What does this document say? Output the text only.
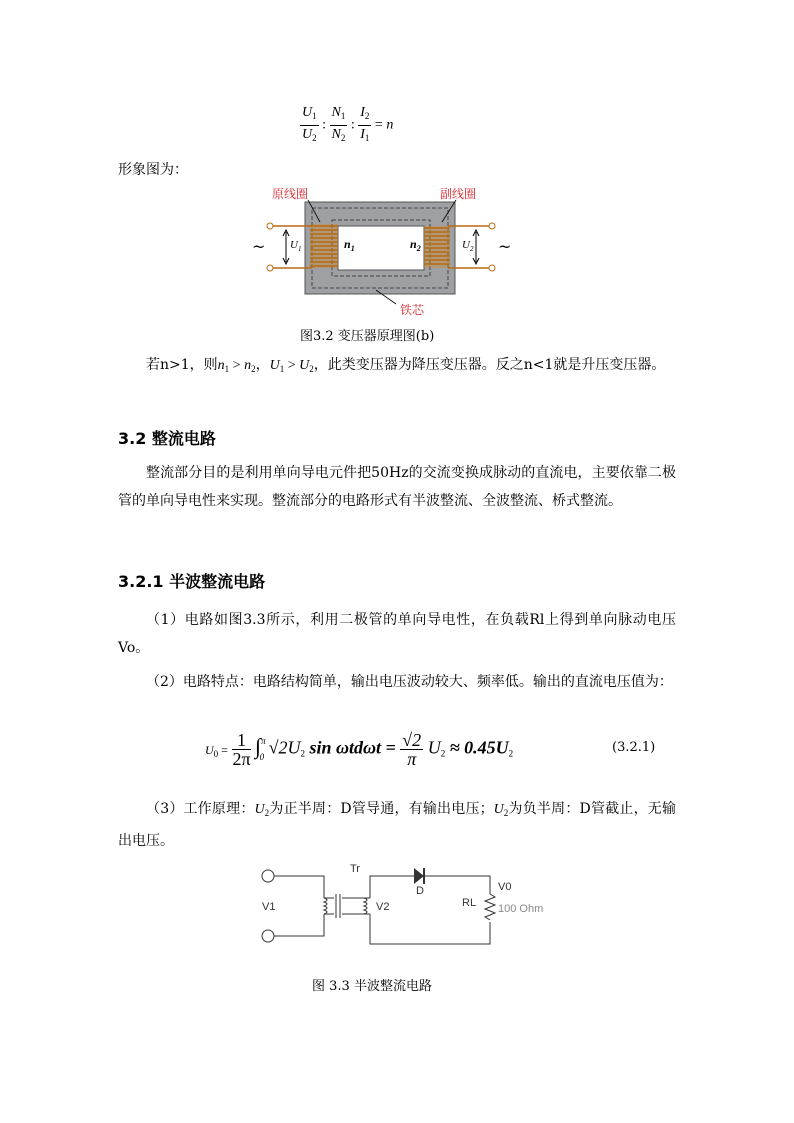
$\frac{U_1}{U_2}$ : $\frac{N_1}{N_2}$ : $\frac{I_2}{I_1} = n$
形象图为：
~	~
$U_1$	$U_2$
$n_1$	$n_2$
原线圈	副线圈
铁芯
图3.2 变压器原理图(b)
若n>1，则$n_1 > n_2$，$U_1 > U_2$，此类变压器为降压变压器。反之n<1就是升压变压器。
3.2 整流电路
整流部分目的是利用单向导电元件把50Hz的交流变换成脉动的直流电，主要依靠二极管的单向导电性来实现。整流部分的电路形式有半波整流、全波整流、桥式整流。
3.2.1 半波整流电路
（1）电路如图3.3所示，利用二极管的单向导电性，在负载Rl上得到单向脉动电压Vo。
（2）电路特点：电路结构简单，输出电压波动较大、频率低。输出的直流电压值为：
$U_0 = \frac{1}{2\pi} \int^\pi_0$ $√2U_2$ $\sin \omega td\omega t = \frac{√2}{\pi} U_2 \approx 0.45U_2$	(3.2.1)
（3）工作原理：$U_2$为正半周：D管导通，有输出电压；$U_2$为负半周：D管截止，无输出电压。
Tr
D	V0
V1	V2	RL 100 Ohm
图 3.3 半波整流电路
